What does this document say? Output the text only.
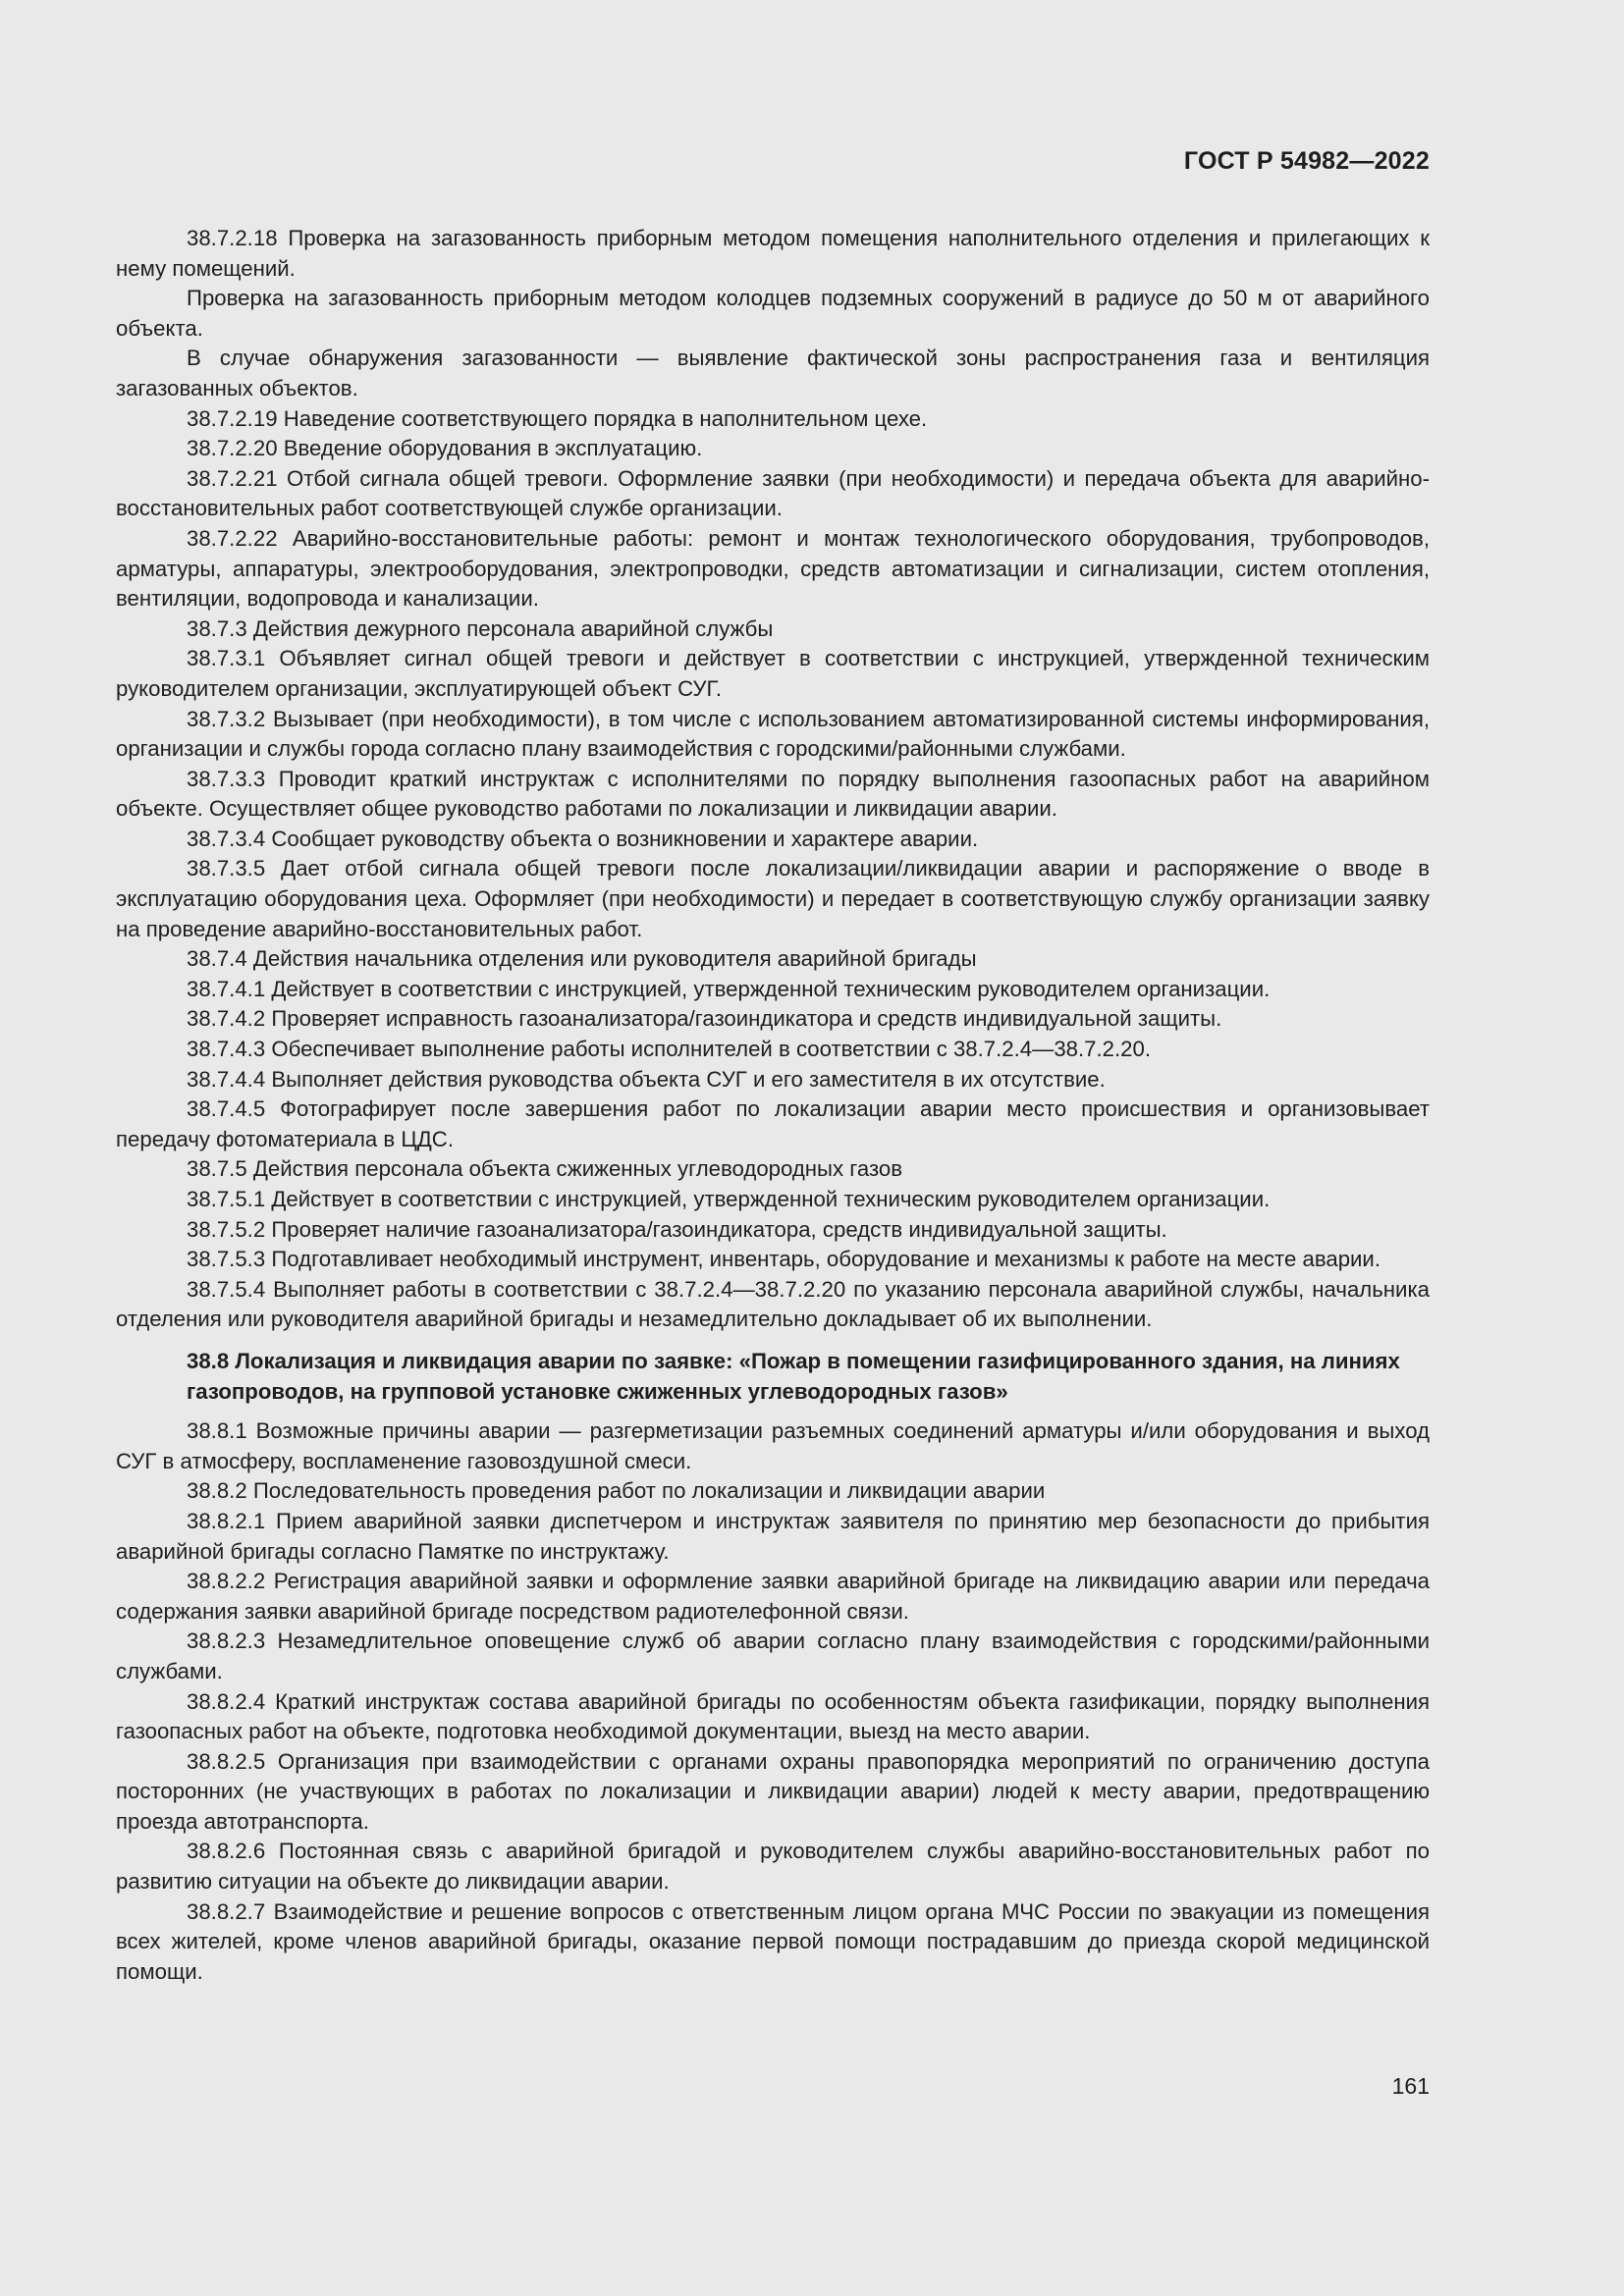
ГОСТ Р 54982—2022

38.7.2.18 Проверка на загазованность приборным методом помещения наполнительного отделения и прилегающих к нему помещений.

Проверка на загазованность приборным методом колодцев подземных сооружений в радиусе до 50 м от аварийного объекта.

В случае обнаружения загазованности — выявление фактической зоны распространения газа и вентиляция загазованных объектов.

38.7.2.19 Наведение соответствующего порядка в наполнительном цехе.

38.7.2.20 Введение оборудования в эксплуатацию.

38.7.2.21 Отбой сигнала общей тревоги. Оформление заявки (при необходимости) и передача объекта для аварийно-восстановительных работ соответствующей службе организации.

38.7.2.22 Аварийно-восстановительные работы: ремонт и монтаж технологического оборудования, трубопроводов, арматуры, аппаратуры, электрооборудования, электропроводки, средств автоматизации и сигнализации, систем отопления, вентиляции, водопровода и канализации.

38.7.3 Действия дежурного персонала аварийной службы

38.7.3.1 Объявляет сигнал общей тревоги и действует в соответствии с инструкцией, утвержденной техническим руководителем организации, эксплуатирующей объект СУГ.

38.7.3.2 Вызывает (при необходимости), в том числе с использованием автоматизированной системы информирования, организации и службы города согласно плану взаимодействия с городскими/районными службами.

38.7.3.3 Проводит краткий инструктаж с исполнителями по порядку выполнения газоопасных работ на аварийном объекте. Осуществляет общее руководство работами по локализации и ликвидации аварии.

38.7.3.4 Сообщает руководству объекта о возникновении и характере аварии.

38.7.3.5 Дает отбой сигнала общей тревоги после локализации/ликвидации аварии и распоряжение о вводе в эксплуатацию оборудования цеха. Оформляет (при необходимости) и передает в соответствующую службу организации заявку на проведение аварийно-восстановительных работ.

38.7.4 Действия начальника отделения или руководителя аварийной бригады

38.7.4.1 Действует в соответствии с инструкцией, утвержденной техническим руководителем организации.

38.7.4.2 Проверяет исправность газоанализатора/газоиндикатора и средств индивидуальной защиты.

38.7.4.3 Обеспечивает выполнение работы исполнителей в соответствии с 38.7.2.4—38.7.2.20.

38.7.4.4 Выполняет действия руководства объекта СУГ и его заместителя в их отсутствие.

38.7.4.5 Фотографирует после завершения работ по локализации аварии место происшествия и организовывает передачу фотоматериала в ЦДС.

38.7.5 Действия персонала объекта сжиженных углеводородных газов

38.7.5.1 Действует в соответствии с инструкцией, утвержденной техническим руководителем организации.

38.7.5.2 Проверяет наличие газоанализатора/газоиндикатора, средств индивидуальной защиты.

38.7.5.3 Подготавливает необходимый инструмент, инвентарь, оборудование и механизмы к работе на месте аварии.

38.7.5.4 Выполняет работы в соответствии с 38.7.2.4—38.7.2.20 по указанию персонала аварийной службы, начальника отделения или руководителя аварийной бригады и незамедлительно докладывает об их выполнении.

38.8 Локализация и ликвидация аварии по заявке: «Пожар в помещении газифицированного здания, на линиях газопроводов, на групповой установке сжиженных углеводородных газов»

38.8.1 Возможные причины аварии — разгерметизации разъемных соединений арматуры и/или оборудования и выход СУГ в атмосферу, воспламенение газовоздушной смеси.

38.8.2 Последовательность проведения работ по локализации и ликвидации аварии

38.8.2.1 Прием аварийной заявки диспетчером и инструктаж заявителя по принятию мер безопасности до прибытия аварийной бригады согласно Памятке по инструктажу.

38.8.2.2 Регистрация аварийной заявки и оформление заявки аварийной бригаде на ликвидацию аварии или передача содержания заявки аварийной бригаде посредством радиотелефонной связи.

38.8.2.3 Незамедлительное оповещение служб об аварии согласно плану взаимодействия с городскими/районными службами.

38.8.2.4 Краткий инструктаж состава аварийной бригады по особенностям объекта газификации, порядку выполнения газоопасных работ на объекте, подготовка необходимой документации, выезд на место аварии.

38.8.2.5 Организация при взаимодействии с органами охраны правопорядка мероприятий по ограничению доступа посторонних (не участвующих в работах по локализации и ликвидации аварии) людей к месту аварии, предотвращению проезда автотранспорта.

38.8.2.6 Постоянная связь с аварийной бригадой и руководителем службы аварийно-восстановительных работ по развитию ситуации на объекте до ликвидации аварии.

38.8.2.7 Взаимодействие и решение вопросов с ответственным лицом органа МЧС России по эвакуации из помещения всех жителей, кроме членов аварийной бригады, оказание первой помощи пострадавшим до приезда скорой медицинской помощи.

161
